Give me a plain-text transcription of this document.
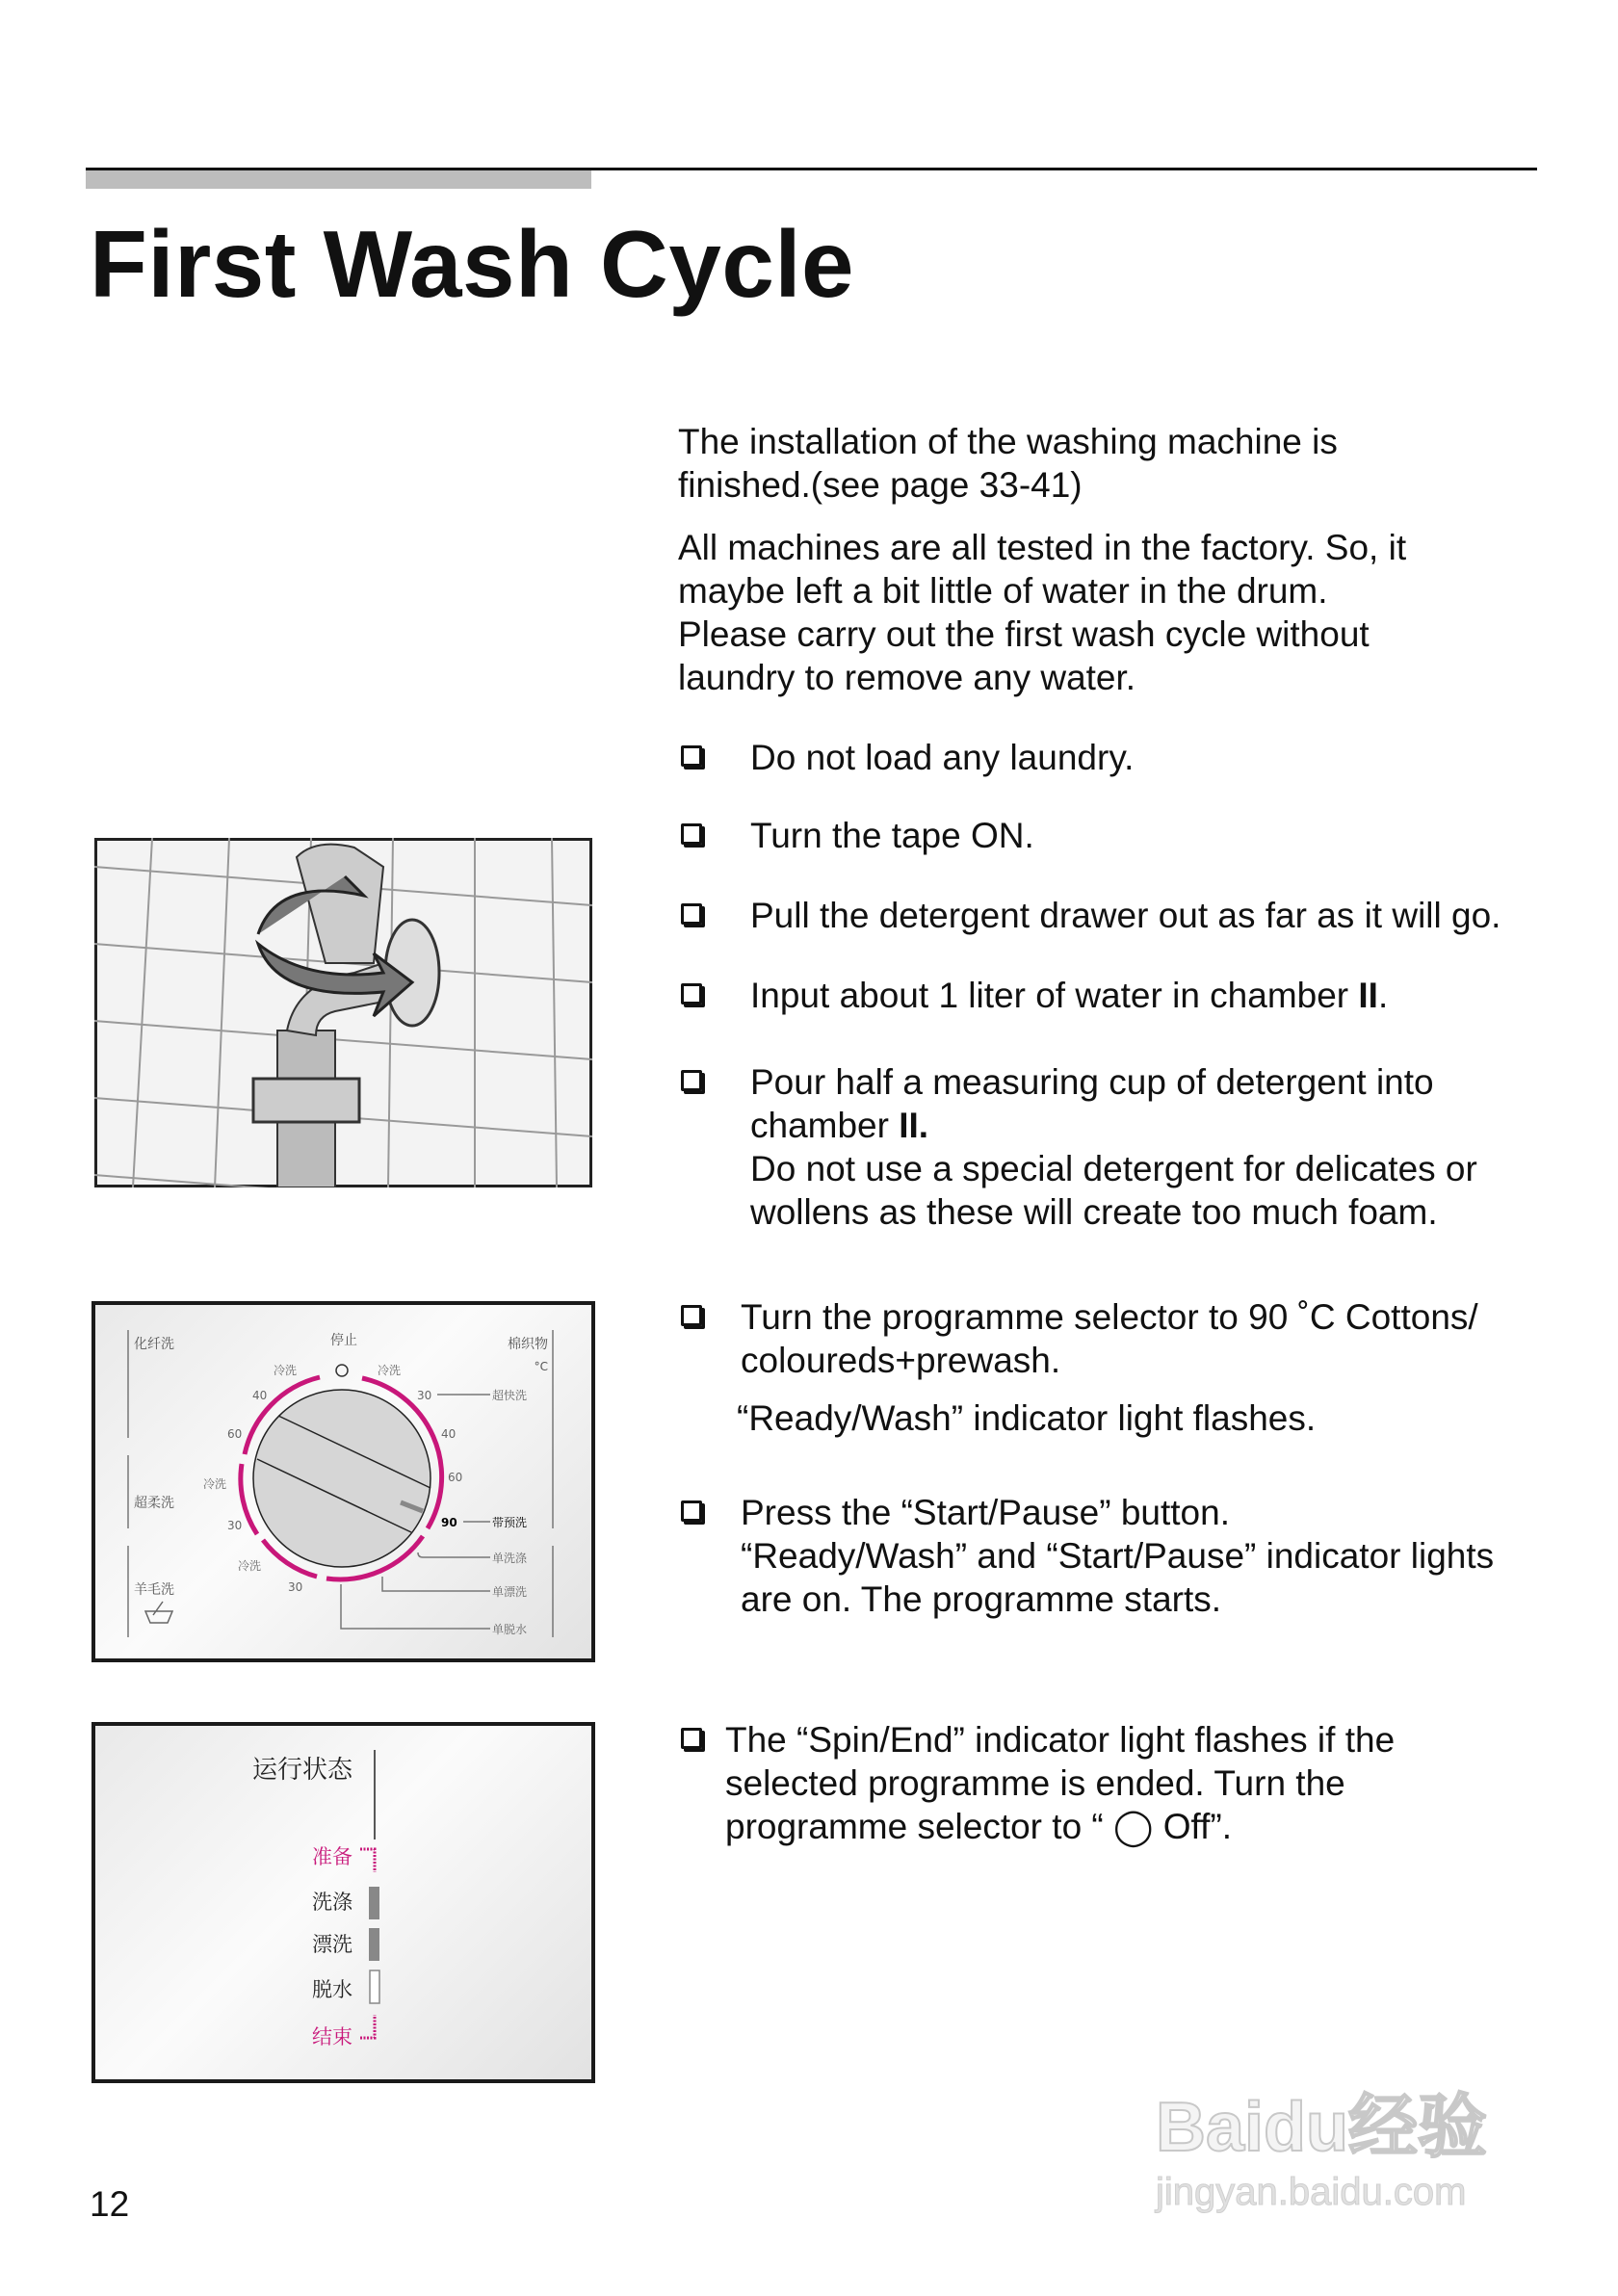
First Wash Cycle
The installation of the washing machine is
finished.(see page 33-41)
All machines are all tested in the factory. So, it
maybe left a bit little of water in the drum.
Please carry out the first wash cycle without
laundry to remove any water.
Do not load any laundry.
Turn the tape ON.
Pull the detergent drawer out as far as it will go.
Input about 1 liter of water in chamber II.
Pour half a measuring cup of detergent into
chamber II.
Do not use a special detergent for delicates or
wollens as these will create too much foam.
Turn the programme selector to 90 ˚C Cottons/
coloureds+prewash.
“Ready/Wash” indicator light flashes.
Press the “Start/Pause” button.
“Ready/Wash” and “Start/Pause” indicator lights
are on. The programme starts.
The “Spin/End” indicator light flashes if the
selected programme is ended. Turn the
programme selector to “ ◯ Off”.
化纤洗	停止	棉织物
°C
超柔洗
羊毛洗
冷洗	冷洗
冷洗
冷洗
40
60
30
30
30
40
60
90
超快洗
带预洗
单洗涤
单漂洗
单脱水
运行状态
准备
洗涤
漂洗
脱水
结束
12
Baidu经验
jingyan.baidu.com
